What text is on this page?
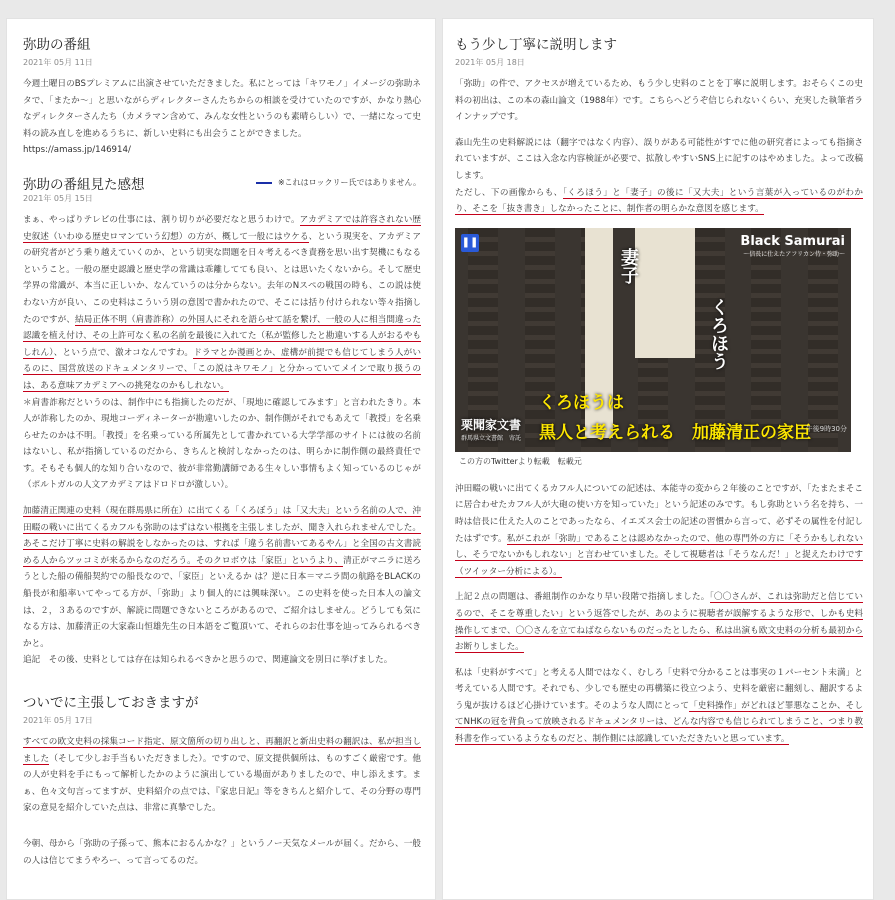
弥助の番組
2021年 05月 11日

今週土曜日のBSプレミアムに出演させていただきました。私にとっては「キワモノ」イメージの弥助ネタで、「またか～」と思いながらディレクターさんたちからの相談を受けていたのですが、かなり熱心なディレクターさんたち（カメラマン含めて、みんな女性というのも素晴らしい）で、一緒になって史料の読み直しを進めるうちに、新しい史料にも出会うことができました。
https://amass.jp/146914/

弥助の番組見た感想	※これはロックリー氏ではありません。
2021年 05月 15日

まぁ、やっぱりテレビの仕事には、割り切りが必要だなと思うわけで。アカデミアでは許容されない歴史叙述（いわゆる歴史ロマンていう幻想）の方が、概して一般にはウケる、という現実を、アカデミアの研究者がどう乗り越えていくのか、という切実な問題を日々考えるべき責務を思い出す契機にもなるということ。一般の歴史認識と歴史学の常識は乖離してても良い、とは思いたくないから。そして歴史学界の常識が、本当に正しいか、なんていうのは分からない。去年のNスペの戦国の時も、この説は使わない方が良い、この史料はこういう別の意図で書かれたので、そこには括り付けられない等々指摘したのですが、結局正体不明（肩書詐称）の外国人にそれを語らせて話を繋げ、一般の人に相当間違った認識を植え付け、その上許可なく私の名前を最後に入れてた（私が監修したと勘違いする人がおるやもしれん）、という点で、激オコなんですわ。ドラマとか漫画とか、虚構が前提でも信じてしまう人がいるのに、国営放送のドキュメンタリーで、「この説はキワモノ」と分かっていてメインで取り扱うのは、ある意味アカデミアへの挑発なのかもしれない。
＊肩書詐称だというのは、制作中にも指摘したのだが、「現地に確認してみます」と言われたきり。本人が詐称したのか、現地コーディネーターが勘違いしたのか、制作側がそれでもあえて「教授」を名乗らせたのかは不明。「教授」を名乗っている所属先として書かれている大学学部のサイトには彼の名前はないし、私が指摘しているのだから、きちんと検討しなかったのは、明らかに制作側の最終責任です。そもそも個人的な知り合いなので、彼が非常勤講師である生々しい事情もよく知っているのじゃが（ポルトガルの人文アカデミアはドロドロが激しい）。

加藤清正関連の史料（現在群馬県に所在）に出てくる「くろぼう」は「又大夫」という名前の人で、沖田畷の戦いに出てくるカフルも弥助のはずはない根拠を主張しましたが、聞き入れられませんでした。あそこだけ丁寧に史料の解説をしなかったのは、すれば「違う名前書いてあるやん」と全国の古文書読める人からツッコミが来るからなのだろう。そのクロボウは「家臣」というより、清正がマニラに送ろうとした船の備船契約での船長なので、「家臣」といえるか は？逆に日本＝マニラ間の航路をBLACKの船長が和船率いてやってる方が、「弥助」より個人的には興味深い。この史料を使った日本人の論文は、２，３あるのですが、解読に問題できないところがあるので、ご紹介はしません。どうしても気になる方は、加藤清正の大家森山恒雄先生の日本語をご覧頂いて、それらのお仕事を辿ってみられるべきかと。
追記　その後、史料としては存在は知られるべきかと思うので、関連論文を別日に挙げました。

ついでに主張しておきますが
2021年 05月 17日

すべての欧文史料の採集コード指定、原文箇所の切り出しと、再翻訳と新出史料の翻訳は、私が担当しました（そして少しお手当もいただきました）。ですので、原文提供個所は、ものすごく厳密です。他の人が史料を手にもって解析したかのように演出している場面がありましたので、申し添えます。まぁ、色々文句言ってますが、史料紹介の点では、『家忠日記』等をきちんと紹介して、その分野の専門家の意見を紹介していた点は、非常に真摯でした。

今朝、母から「弥助の子孫って、熊本におるんかな？」というノー天気なメールが届く。だから、一般の人は信じてまうやろー、って言ってるのだ。

もう少し丁寧に説明します
2021年 05月 18日

「弥助」の件で、アクセスが増えているため、もう少し史料のことを丁寧に説明します。おそらくこの史料の初出は、この本の森山論文（1988年）です。こちらへどうぞ信じられないくらい、充実した執筆者ラインナップです。

森山先生の史料解説には（翻字ではなく内容）、誤りがある可能性がすでに他の研究者によっても指摘されていますが、ここは入念な内容検証が必要で、拡散しやすいSNS上に記すのはやめました。よって改稿します。
ただし、下の画像からも、「くろほう」と「妻子」の後に「又大夫」という言葉が入っているのがわかり、そこを「抜き書き」しなかったことに、制作者の明らかな意図を感じます。

❚❚	Black Samurai
～信長に仕えたアフリカン侍・弥助～
妻子
くろほう
くろほうは
黒人と考えられる　加藤清正の家臣
栗聞家文書
群馬県立文書館　寄託
午後9時30分
この方のTwitterより転載　転載元

沖田畷の戦いに出てくるカフル人についての記述は、本能寺の変から２年後のことですが、「たまたまそこに居合わせたカフル人が大砲の使い方を知っていた」という記述のみです。もし弥助という名を持ち、一時は信長に仕えた人のことであったなら、イエズス会士の記述の習慣から言って、必ずその属性を付記したはずです。私がこれが「弥助」であることは認めなかったので、他の専門外の方に「そうかもしれないし、そうでないかもしれない」と言わせていました。そして視聴者は「そうなんだ！」と捉えたわけです（ツイッター分析による）。

上記２点の問題は、番組制作のかなり早い段階で指摘しました。「〇〇さんが、これは弥助だと信じているので、そこを尊重したい」という返答でしたが、あのように視聴者が誤解するような形で、しかも史料操作してまで、〇〇さんを立てねばならないものだったとしたら、私は出演も欧文史料の分析も最初からお断りしました。

私は「史料がすべて」と考える人間ではなく、むしろ「史料で分かることは事実の１パーセント未満」と考えている人間です。それでも、少しでも歴史の再構築に役立つよう、史料を厳密に翻刻し、翻訳するよう鬼が抜けるほど心掛けています。そのような人間にとって「史料操作」がどれほど罪悪なことか、そしてNHKの冠を背負って放映されるドキュメンタリーは、どんな内容でも信じられてしまうこと、つまり教科書を作っているようなものだと、制作側には認識していただきたいと思っています。
